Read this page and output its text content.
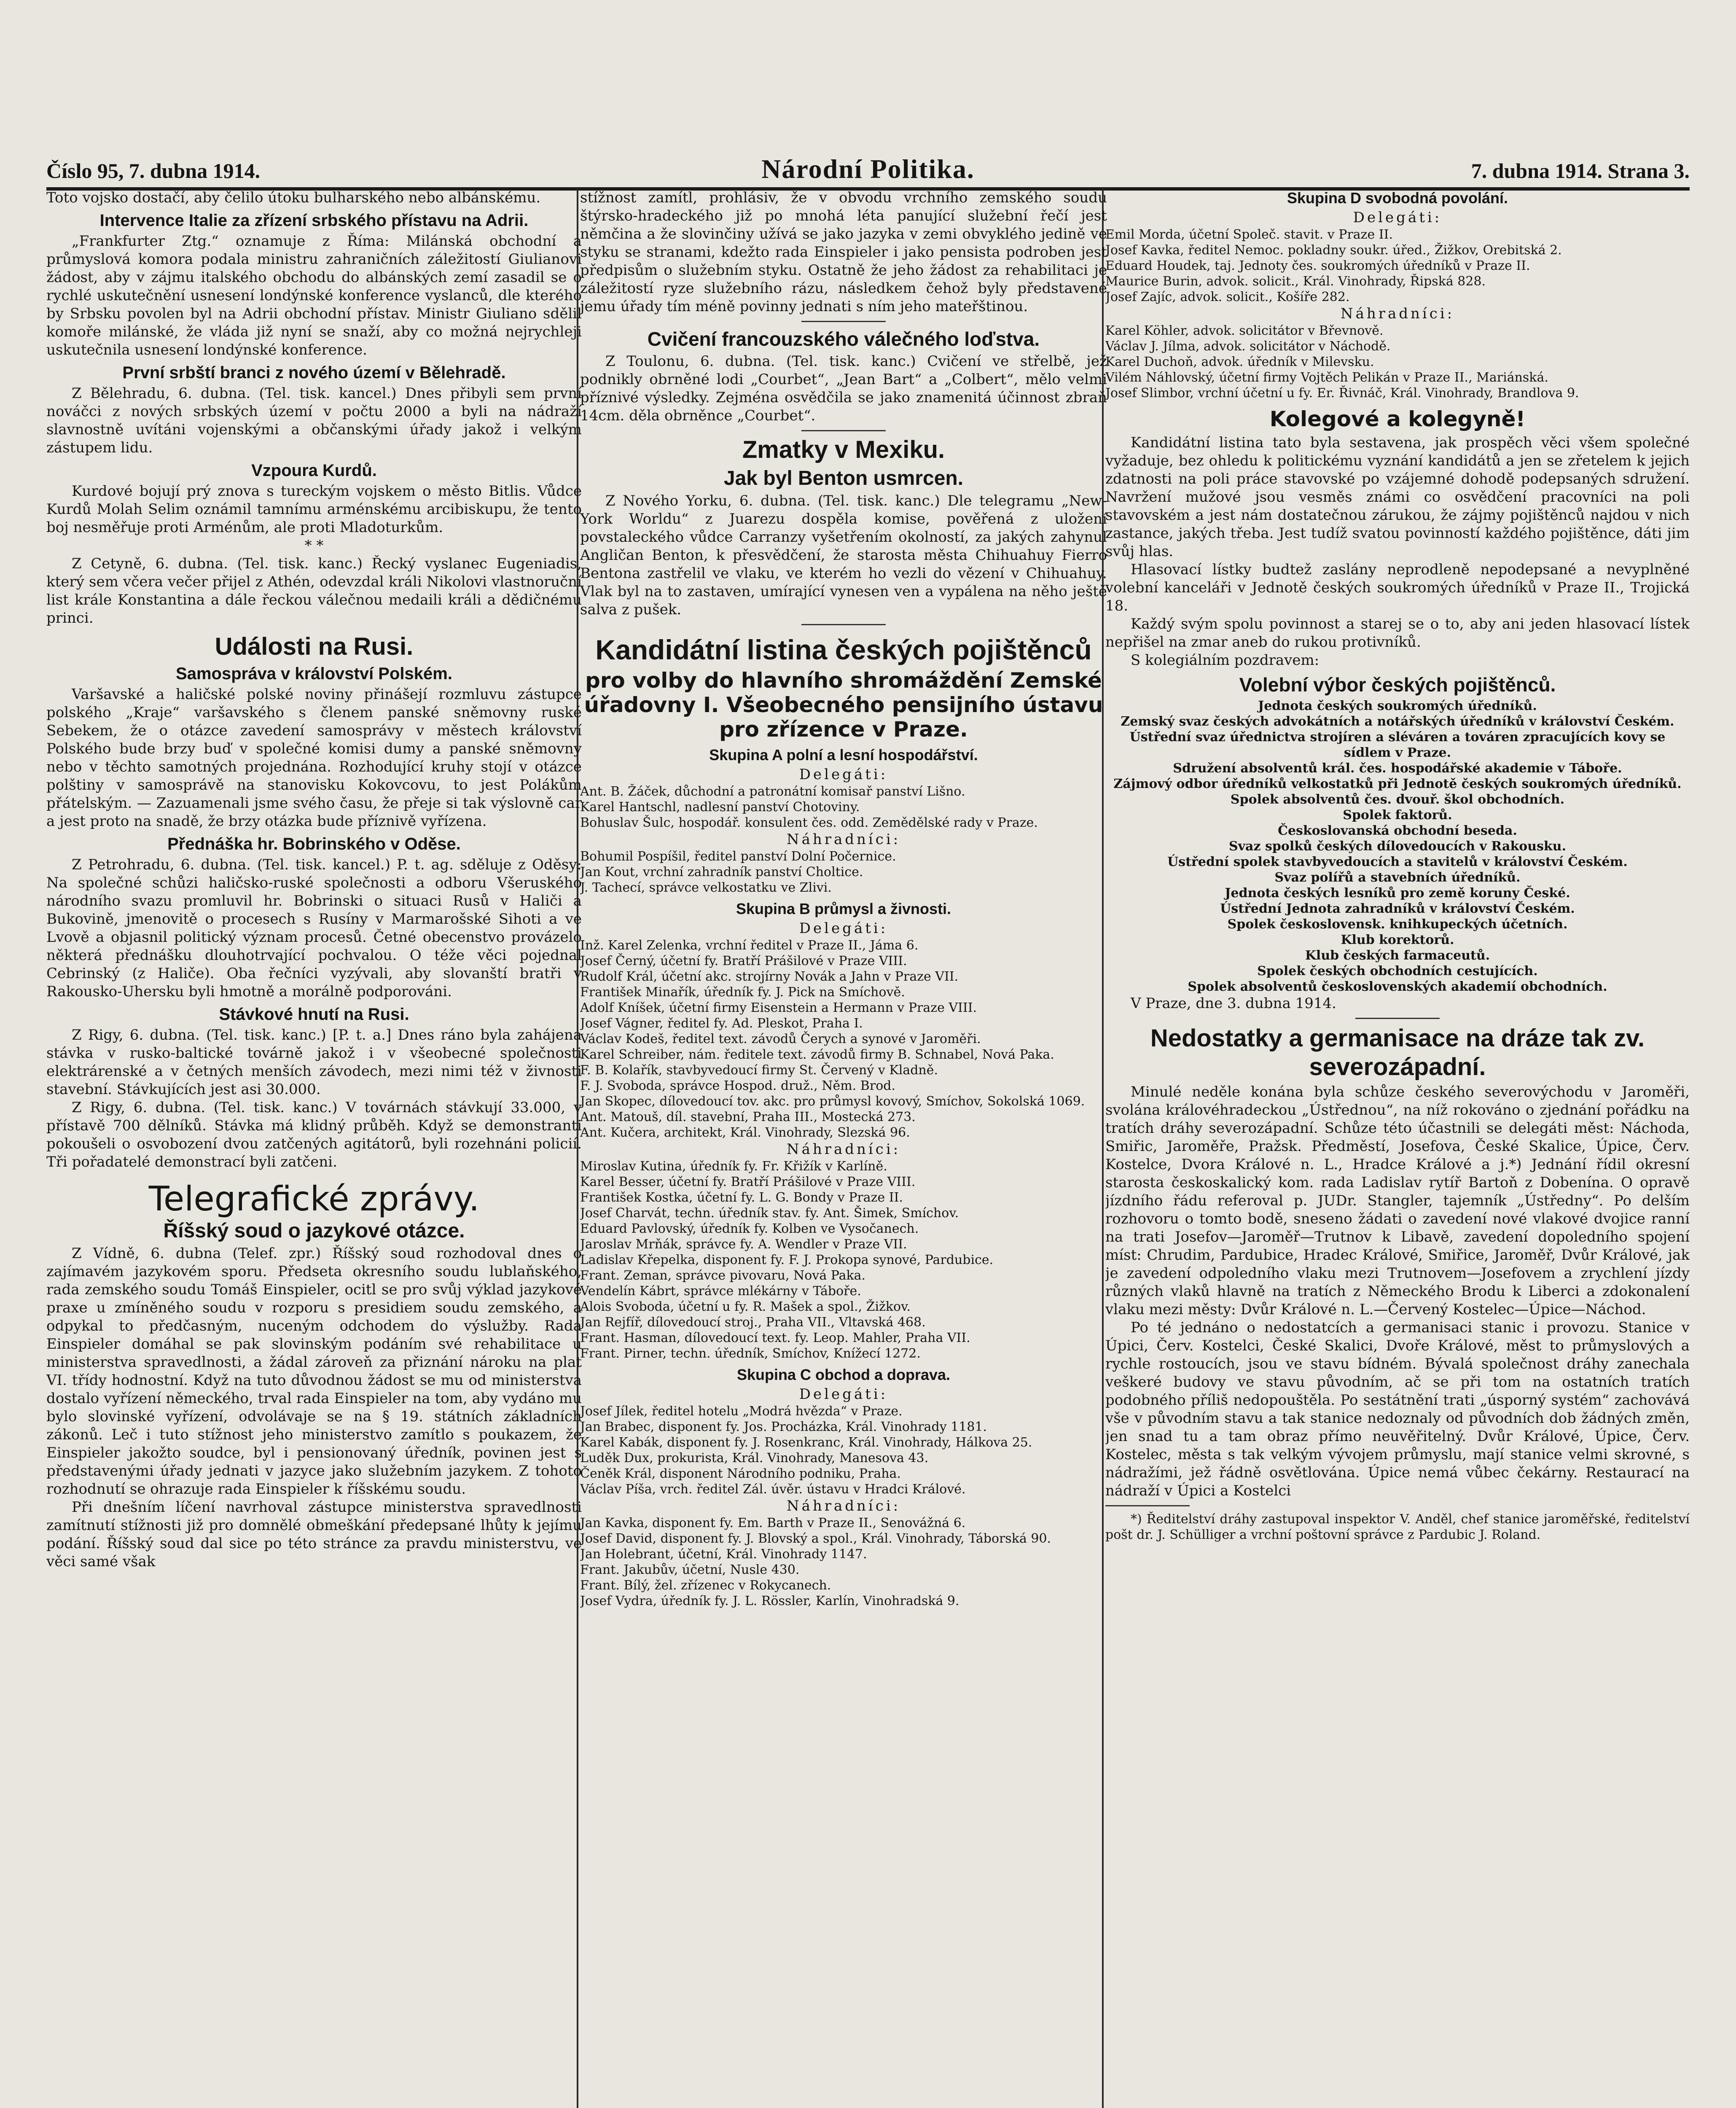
Číslo 95, 7. dubna 1914.	Národní Politika.	7. dubna 1914. Strana 3.

Toto vojsko dostačí, aby čelilo útoku bulharského nebo albánskému.

Intervence Italie za zřízení srbského přístavu na Adrii.

„Frankfurter Ztg.“ oznamuje z Říma: Milánská obchodní a průmyslová komora podala ministru zahraničních záležitostí Giulianovi žádost, aby v zájmu italského obchodu do albánských zemí zasadil se o rychlé uskutečnění usnesení londýnské konference vyslanců, dle kterého by Srbsku povolen byl na Adrii obchodní přístav. Ministr Giuliano sdělil komoře milánské, že vláda již nyní se snaží, aby co možná nejrychleji uskutečnila usnesení londýnské konference.

První srbští branci z nového území v Bělehradě.

Z Bělehradu, 6. dubna. (Tel. tisk. kancel.) Dnes přibyli sem první nováčci z nových srbských území v počtu 2000 a byli na nádraží slavnostně uvítáni vojenskými a občanskými úřady jakož i velkým zástupem lidu.

Vzpoura Kurdů.

Kurdové bojují prý znova s tureckým vojskem o město Bitlis. Vůdce Kurdů Molah Selim oznámil tamnímu arménskému arcibiskupu, že tento boj nesměřuje proti Arménům, ale proti Mladoturkům.

* *

Z Cetyně, 6. dubna. (Tel. tisk. kanc.) Řecký vyslanec Eugeniadis, který sem včera večer přijel z Athén, odevzdal králi Nikolovi vlastnoruční list krále Konstantina a dále řeckou válečnou medaili králi a dědičnému princi.

Události na Rusi.
Samospráva v království Polském.

Varšavské a haličské polské noviny přinášejí rozmluvu zástupce polského „Kraje“ varšavského s členem panské sněmovny ruské Sebekem, že o otázce zavedení samosprávy v městech království Polského bude brzy buď v společné komisi dumy a panské sněmovny nebo v těchto samotných projednána. Rozhodující kruhy stojí v otázce polštiny v samosprávě na stanovisku Kokovcovu, to jest Polákům přátelským. — Zazuamenali jsme svého času, že přeje si tak výslovně car a jest proto na snadě, že brzy otázka bude příznivě vyřízena.

Přednáška hr. Bobrinského v Oděse.

Z Petrohradu, 6. dubna. (Tel. tisk. kancel.) P. t. ag. sděluje z Oděsy: Na společné schůzi haličsko-ruské společnosti a odboru Všeruského národního svazu promluvil hr. Bobrinski o situaci Rusů v Haliči a Bukovině, jmenovitě o procesech s Rusíny v Marmarošské Sihoti a ve Lvově a objasnil politický význam procesů. Četné obecenstvo provázelo některá přednášku dlouhotrvající pochvalou. O téže věci pojednal Cebrinský (z Haliče). Oba řečníci vyzývali, aby slovanští bratři v Rakousko-Uhersku byli hmotně a morálně podporováni.

Stávkové hnutí na Rusi.

Z Rigy, 6. dubna. (Tel. tisk. kanc.) [P. t. a.] Dnes ráno byla zahájena stávka v rusko-baltické továrně jakož i v všeobecné společnosti elektrárenské a v četných menších závodech, mezi nimi též v živnosti stavební. Stávkujících jest asi 30.000.

Z Rigy, 6. dubna. (Tel. tisk. kanc.) V továrnách stávkují 33.000, v přístavě 700 dělníků. Stávka má klidný průběh. Když se demonstranti pokoušeli o osvobození dvou zatčených agitátorů, byli rozehnáni policií. Tři pořadatelé demonstrací byli zatčeni.

Telegrafické zprávy.
Říšský soud o jazykové otázce.

Z Vídně, 6. dubna (Telef. zpr.) Říšský soud rozhodoval dnes o zajímavém jazykovém sporu. Předseta okresního soudu lublaňského, rada zemského soudu Tomáš Einspieler, ocitl se pro svůj výklad jazykové praxe u zmíněného soudu v rozporu s presidiem soudu zemského, a odpykal to předčasným, nuceným odchodem do výslužby. Rada Einspieler domáhal se pak slovinským podáním své rehabilitace u ministerstva spravedlnosti, a žádal zároveň za přiznání nároku na plat VI. třídy hodnostní. Když na tuto důvodnou žádost se mu od ministerstva dostalo vyřízení německého, trval rada Einspieler na tom, aby vydáno mu bylo slovinské vyřízení, odvolávaje se na § 19. státních základních zákonů. Leč i tuto stížnost jeho ministerstvo zamítlo s poukazem, že Einspieler jakožto soudce, byl i pensionovaný úředník, povinen jest s představenými úřady jednati v jazyce jako služebním jazykem. Z tohoto rozhodnutí se ohrazuje rada Einspieler k říšskému soudu.

Při dnešním líčení navrhoval zástupce ministerstva spravedlnosti zamítnutí stížnosti již pro domnělé obmeškání předepsané lhůty k jejímu podání. Říšský soud dal sice po této stránce za pravdu ministerstvu, ve věci samé však

stížnost zamítl, prohlásiv, že v obvodu vrchního zemského soudu štýrsko-hradeckého již po mnohá léta panující služební řečí jest němčina a že slovinčiny užívá se jako jazyka v zemi obvyklého jedině ve styku se stranami, kdežto rada Einspieler i jako pensista podroben jest předpisům o služebním styku. Ostatně že jeho žádost za rehabilitaci je záležitostí ryze služebního rázu, následkem čehož byly představené jemu úřady tím méně povinny jednati s ním jeho mateřštinou.

Cvičení francouzského válečného loďstva.

Z Toulonu, 6. dubna. (Tel. tisk. kanc.) Cvičení ve střelbě, jež podnikly obrněné lodi „Courbet“, „Jean Bart“ a „Colbert“, mělo velmi příznivé výsledky. Zejména osvědčila se jako znamenitá účinnost zbraň 14cm. děla obrněnce „Courbet“.

Zmatky v Mexiku.
Jak byl Benton usmrcen.

Z Nového Yorku, 6. dubna. (Tel. tisk. kanc.) Dle telegramu „New-York Worldu“ z Juarezu dospěla komise, pověřená z uložení povstaleckého vůdce Carranzy vyšetřením okolností, za jakých zahynul Angličan Benton, k přesvědčení, že starosta města Chihuahuy Fierro Bentona zastřelil ve vlaku, ve kterém ho vezli do vězení v Chihuahuy. Vlak byl na to zastaven, umírající vynesen ven a vypálena na něho ještě salva z pušek.

Kandidátní listina českých pojištěnců
pro volby do hlavního shromáždění Zemské úřadovny I. Všeobecného pensijního ústavu pro zřízence v Praze.
Skupina A polní a lesní hospodářství.

Delegáti:

Ant. B. Žáček, důchodní a patronátní komisař panství Lišno.

Karel Hantschl, nadlesní panství Chotoviny.

Bohuslav Šulc, hospodář. konsulent čes. odd. Zemědělské rady v Praze.

Náhradníci:

Bohumil Pospíšil, ředitel panství Dolní Počernice.

Jan Kout, vrchní zahradník panství Choltice.

J. Tachecí, správce velkostatku ve Zlivi.

Skupina B průmysl a živnosti.

Delegáti:

Inž. Karel Zelenka, vrchní ředitel v Praze II., Jáma 6.

Josef Černý, účetní fy. Bratří Prášilové v Praze VIII.

Rudolf Král, účetní akc. strojírny Novák a Jahn v Praze VII.

František Minařík, úředník fy. J. Pick na Smíchově.

Adolf Kníšek, účetní firmy Eisenstein a Hermann v Praze VIII.

Josef Vágner, ředitel fy. Ad. Pleskot, Praha I.

Václav Kodeš, ředitel text. závodů Čerych a synové v Jaroměři.

Karel Schreiber, nám. ředitele text. závodů firmy B. Schnabel, Nová Paka.

F. B. Kolařík, stavbyvedoucí firmy St. Červený v Kladně.

F. J. Svoboda, správce Hospod. druž., Něm. Brod.

Jan Skopec, dílovedoucí tov. akc. pro průmysl kovový, Smíchov, Sokolská 1069.

Ant. Matouš, díl. stavební, Praha III., Mostecká 273.

Ant. Kučera, architekt, Král. Vinohrady, Slezská 96.

Náhradníci:

Miroslav Kutina, úředník fy. Fr. Křižík v Karlíně.

Karel Besser, účetní fy. Bratří Prášilové v Praze VIII.

František Kostka, účetní fy. L. G. Bondy v Praze II.

Josef Charvát, techn. úředník stav. fy. Ant. Šimek, Smíchov.

Eduard Pavlovský, úředník fy. Kolben ve Vysočanech.

Jaroslav Mrňák, správce fy. A. Wendler v Praze VII.

Ladislav Křepelka, disponent fy. F. J. Prokopa synové, Pardubice.

Frant. Zeman, správce pivovaru, Nová Paka.

Vendelín Kábrt, správce mlékárny v Táboře.

Alois Svoboda, účetní u fy. R. Mašek a spol., Žižkov.

Jan Rejfíř, dílovedoucí stroj., Praha VII., Vltavská 468.

Frant. Hasman, dílovedoucí text. fy. Leop. Mahler, Praha VII.

Frant. Pirner, techn. úředník, Smíchov, Knížecí 1272.

Skupina C obchod a doprava.

Delegáti:

Josef Jílek, ředitel hotelu „Modrá hvězda“ v Praze.

Jan Brabec, disponent fy. Jos. Procházka, Král. Vinohrady 1181.

Karel Kabák, disponent fy. J. Rosenkranc, Král. Vinohrady, Hálkova 25.

Luděk Dux, prokurista, Král. Vinohrady, Manesova 43.

Čeněk Král, disponent Národního podniku, Praha.

Václav Píša, vrch. ředitel Zál. úvěr. ústavu v Hradci Králové.

Náhradníci:

Jan Kavka, disponent fy. Em. Barth v Praze II., Senovážná 6.

Josef David, disponent fy. J. Blovský a spol., Král. Vinohrady, Táborská 90.

Jan Holebrant, účetní, Král. Vinohrady 1147.

Frant. Jakubův, účetní, Nusle 430.

Frant. Bílý, žel. zřízenec v Rokycanech.

Josef Vydra, úředník fy. J. L. Rössler, Karlín, Vinohradská 9.

Skupina D svobodná povolání.

Delegáti:

Emil Morda, účetní Společ. stavit. v Praze II.

Josef Kavka, ředitel Nemoc. pokladny soukr. úřed., Žižkov, Orebitská 2.

Eduard Houdek, taj. Jednoty čes. soukromých úředníků v Praze II.

Maurice Burin, advok. solicit., Král. Vinohrady, Řipská 828.

Josef Zajíc, advok. solicit., Košíře 282.

Náhradníci:

Karel Köhler, advok. solicitátor v Břevnově.

Václav J. Jílma, advok. solicitátor v Náchodě.

Karel Duchoň, advok. úředník v Milevsku.

Vilém Náhlovský, účetní firmy Vojtěch Pelikán v Praze II., Mariánská.

Josef Slimbor, vrchní účetní u fy. Er. Řivnáč, Král. Vinohrady, Brandlova 9.

Kolegové a kolegyně!

Kandidátní listina tato byla sestavena, jak prospěch věci všem společné vyžaduje, bez ohledu k politickému vyznání kandidátů a jen se zřetelem k jejich zdatnosti na poli práce stavovské po vzájemné dohodě podepsaných sdružení. Navržení mužové jsou vesměs známi co osvědčení pracovníci na poli stavovském a jest nám dostatečnou zárukou, že zájmy pojištěnců najdou v nich zastance, jakých třeba. Jest tudíž svatou povinností každého pojištěnce, dáti jim svůj hlas.

Hlasovací lístky budtež zaslány neprodleně nepodepsané a nevyplněné volební kanceláři v Jednotě českých soukromých úředníků v Praze II., Trojická 18.

Každý svým spolu povinnost a starej se o to, aby ani jeden hlasovací lístek nepřišel na zmar aneb do rukou protivníků.

S kolegiálním pozdravem:

Volební výbor českých pojištěnců.

Jednota českých soukromých úředníků.

Zemský svaz českých advokátních a notářských úředníků v království Českém.

Ústřední svaz úřednictva strojíren a sléváren a továren zpracujících kovy se sídlem v Praze.

Sdružení absolventů král. čes. hospodářské akademie v Táboře.

Zájmový odbor úředníků velkostatků při Jednotě českých soukromých úředníků.

Spolek absolventů čes. dvouř. škol obchodních.

Spolek faktorů.

Českoslovanská obchodní beseda.

Svaz spolků českých dílovedoucích v Rakousku.

Ústřední spolek stavbyvedoucích a stavitelů v království Českém.

Svaz polířů a stavebních úředníků.

Jednota českých lesníků pro země koruny České.

Ústřední Jednota zahradníků v království Českém.

Spolek československ. knihkupeckých účetních.

Klub korektorů.

Klub českých farmaceutů.

Spolek českých obchodních cestujících.

Spolek absolventů československých akademií obchodních.

V Praze, dne 3. dubna 1914.

Nedostatky a germanisace na dráze tak zv. severozápadní.

Minulé neděle konána byla schůze českého severovýchodu v Jaroměři, svolána královéhradeckou „Ústřednou“, na níž rokováno o zjednání pořádku na tratích dráhy severozápadní. Schůze této účastnili se delegáti měst: Náchoda, Smiřic, Jaroměře, Pražsk. Předměstí, Josefova, České Skalice, Úpice, Červ. Kostelce, Dvora Králové n. L., Hradce Králové a j.*) Jednání řídil okresní starosta českoskalický kom. rada Ladislav rytíř Bartoň z Dobenína. O opravě jízdního řádu referoval p. JUDr. Stangler, tajemník „Ústředny“. Po delším rozhovoru o tomto bodě, sneseno žádati o zavedení nové vlakové dvojice ranní na trati Josefov—Jaroměř—Trutnov k Libavě, zavedení dopoledního spojení míst: Chrudim, Pardubice, Hradec Králové, Smiřice, Jaroměř, Dvůr Králové, jak je zavedení odpoledního vlaku mezi Trutnovem—Josefovem a zrychlení jízdy různých vlaků hlavně na tratích z Německého Brodu k Liberci a zdokonalení vlaku mezi městy: Dvůr Králové n. L.—Červený Kostelec—Úpice—Náchod.

Po té jednáno o nedostatcích a germanisaci stanic i provozu. Stanice v Úpici, Červ. Kostelci, České Skalici, Dvoře Králové, měst to průmyslových a rychle rostoucích, jsou ve stavu bídném. Bývalá společnost dráhy zanechala veškeré budovy ve stavu původním, ač se při tom na ostatních tratích podobného příliš nedopouštěla. Po sestátnění trati „úsporný systém“ zachovává vše v původním stavu a tak stanice nedoznaly od původních dob žádných změn, jen snad tu a tam obraz přímo neuvěřitelný. Dvůr Králové, Úpice, Červ. Kostelec, města s tak velkým vývojem průmyslu, mají stanice velmi skrovné, s nádražími, jež řádně osvětlována. Úpice nemá vůbec čekárny. Restaurací na nádraží v Úpici a Kostelci

*) Ředitelství dráhy zastupoval inspektor V. Anděl, chef stanice jaroměřské, ředitelství pošt dr. J. Schülliger a vrchní poštovní správce z Pardubic J. Roland.
